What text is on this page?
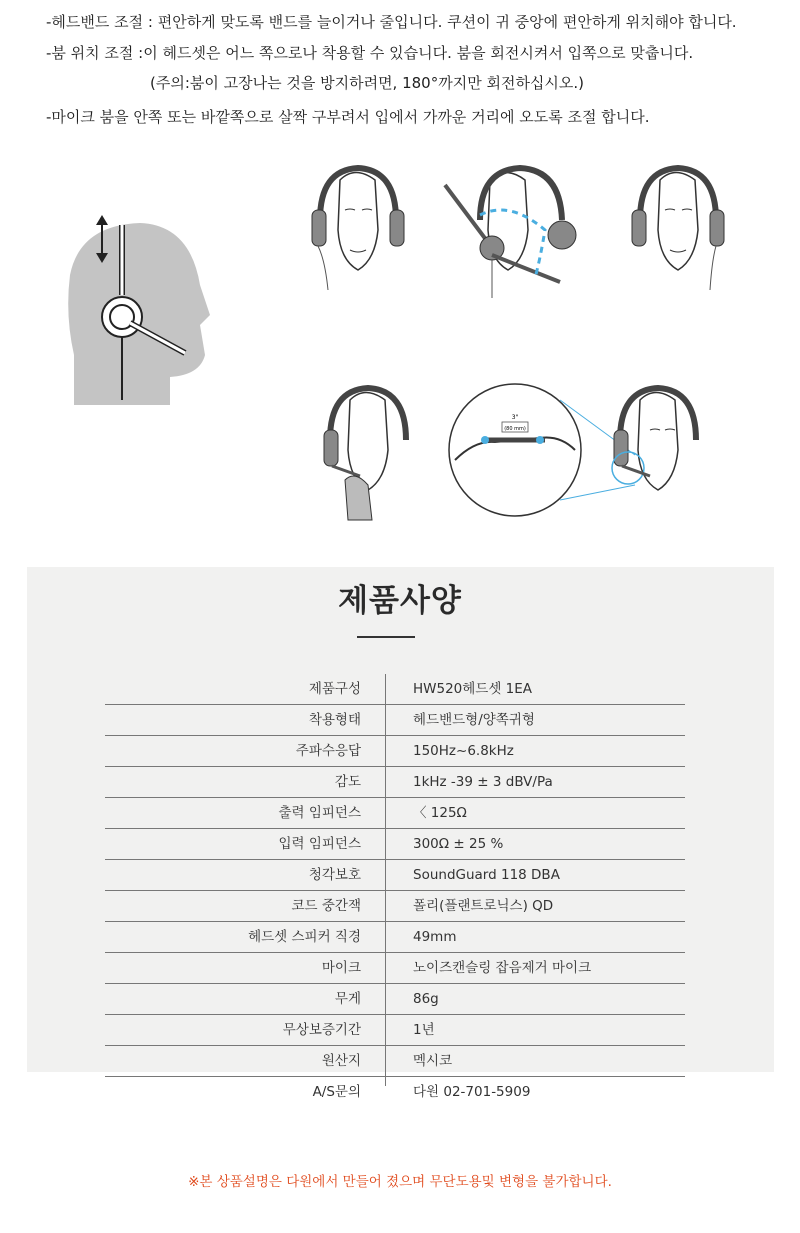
-헤드밴드 조절 : 편안하게 맞도록 밴드를 늘이거나 줄입니다. 쿠션이 귀 중앙에 편안하게 위치해야 합니다.
-붐 위치 조절 :이 헤드셋은 어느 쪽으로나 착용할 수 있습니다. 붐을 회전시켜서 입쪽으로 맞춥니다.
(주의:붐이 고장나는 것을 방지하려면, 180°까지만 회전하십시오.)
-마이크 붐을 안쪽 또는 바깥쪽으로 살짝 구부려서 입에서 가까운 거리에 오도록 조절 합니다.
3"
(80 mm)
제품사양
제품구성	HW520헤드셋 1EA
착용형태	헤드밴드형/양쪽귀형
주파수응답	150Hz~6.8kHz
감도	1kHz -39 ± 3 dBV/Pa
출력 임피던스	〈 125Ω
입력 임피던스	300Ω ± 25 %
청각보호	SoundGuard 118 DBA
코드 중간잭	폴리(플랜트로닉스) QD
헤드셋 스피커 직경	49mm
마이크	노이즈캔슬링 잡음제거 마이크
무게	86g
무상보증기간	1년
원산지	멕시코
A/S문의	다원 02-701-5909
※본 상품설명은 다원에서 만들어 졌으며 무단도용및 변형을 불가합니다.
